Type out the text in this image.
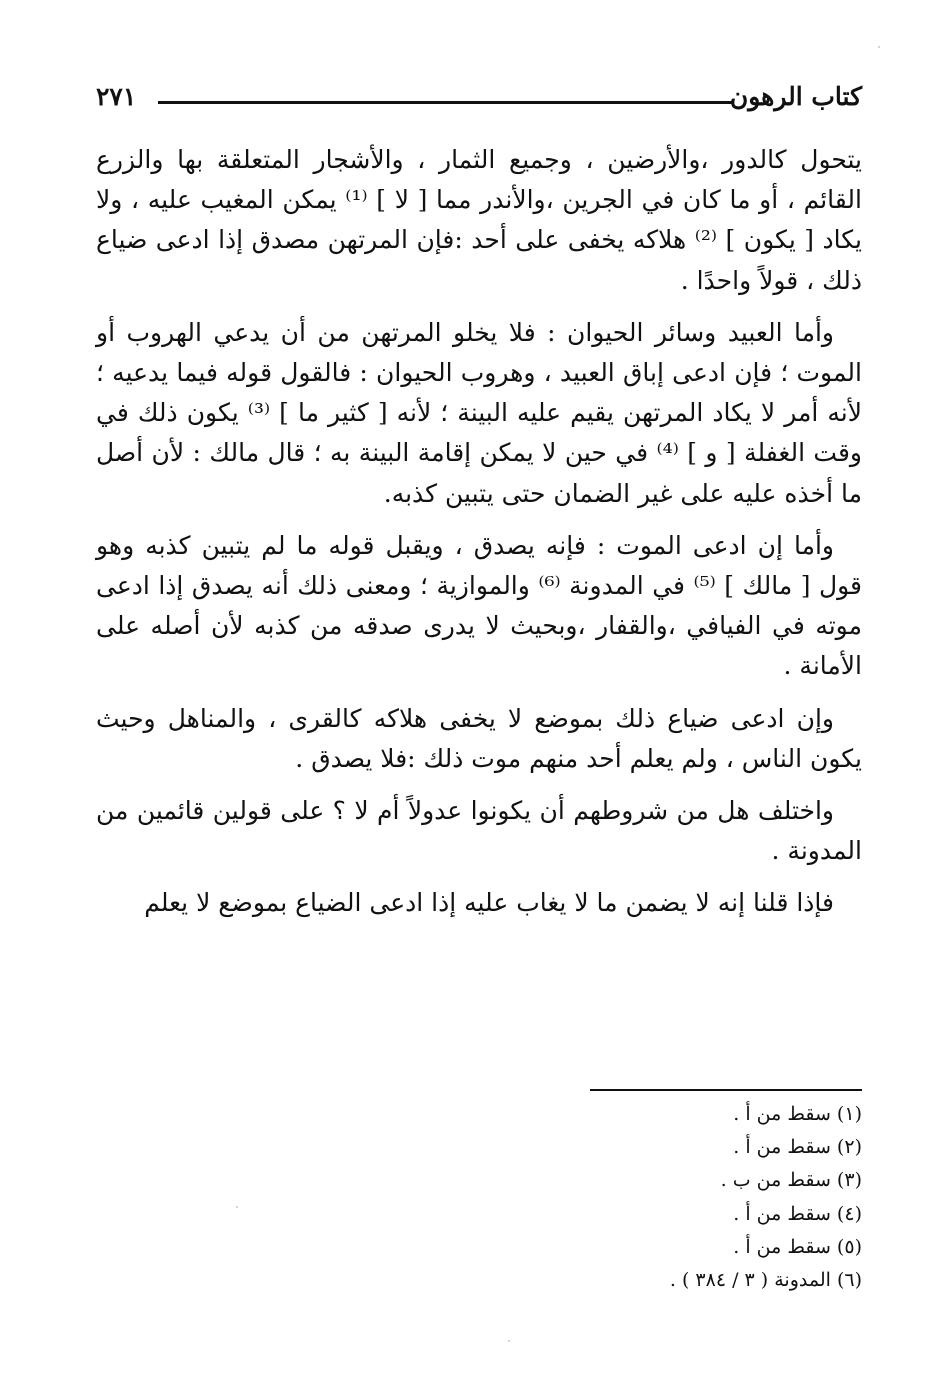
كتاب الرهون
٢٧١

يتحول كالدور ،والأرضين ، وجميع الثمار ، والأشجار المتعلقة بها والزرع القائم ، أو ما كان في الجرين ،والأندر مما [ لا ] ⁽¹⁾ يمكن المغيب عليه ، ولا يكاد [ يكون ] ⁽²⁾ هلاكه يخفى على أحد :فإن المرتهن مصدق إذا ادعى ضياع ذلك ، قولاً واحدًا .

وأما العبيد وسائر الحيوان : فلا يخلو المرتهن من أن يدعي الهروب أو الموت ؛ فإن ادعى إباق العبيد ، وهروب الحيوان : فالقول قوله فيما يدعيه ؛ لأنه أمر لا يكاد المرتهن يقيم عليه البينة ؛ لأنه [ كثير ما ] ⁽³⁾ يكون ذلك في وقت الغفلة [ و ] ⁽⁴⁾ في حين لا يمكن إقامة البينة به ؛ قال مالك : لأن أصل ما أخذه عليه على غير الضمان حتى يتبين كذبه.

وأما إن ادعى الموت : فإنه يصدق ، ويقبل قوله ما لم يتبين كذبه وهو قول [ مالك ] ⁽⁵⁾ في المدونة ⁽⁶⁾ والموازية ؛ ومعنى ذلك أنه يصدق إذا ادعى موته في الفيافي ،والقفار ،وبحيث لا يدرى صدقه من كذبه لأن أصله على الأمانة .

وإن ادعى ضياع ذلك بموضع لا يخفى هلاكه كالقرى ، والمناهل وحيث يكون الناس ، ولم يعلم أحد منهم موت ذلك :فلا يصدق .

واختلف هل من شروطهم أن يكونوا عدولاً أم لا ؟ على قولين قائمين من المدونة .

فإذا قلنا إنه لا يضمن ما لا يغاب عليه إذا ادعى الضياع بموضع لا يعلم

(١) سقط من أ .
(٢) سقط من أ .
(٣) سقط من ب .
(٤) سقط من أ .
(٥) سقط من أ .
(٦) المدونة ( ٣ / ٣٨٤ ) .
